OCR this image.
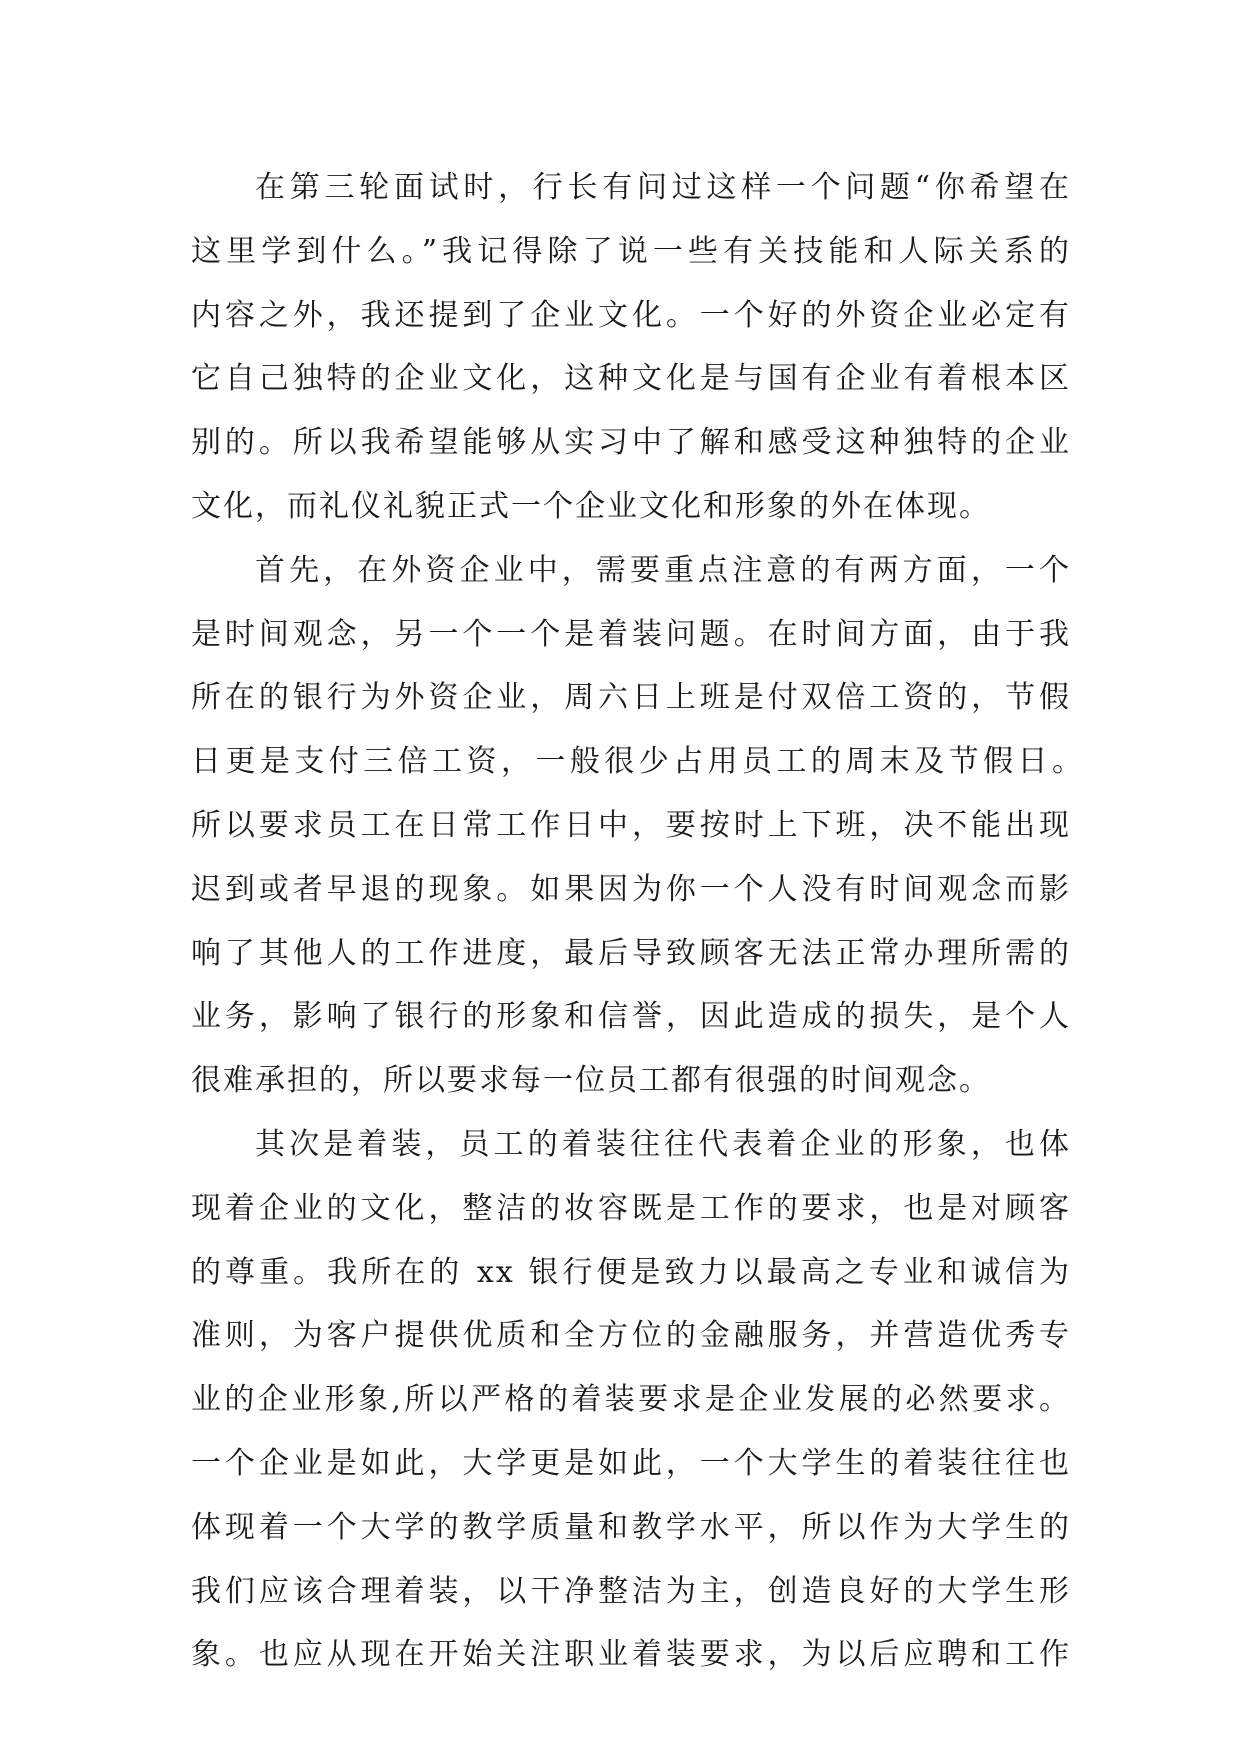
在第三轮面试时，行长有问过这样一个问题“你希望在
这里学到什么。”我记得除了说一些有关技能和人际关系的
内容之外，我还提到了企业文化。一个好的外资企业必定有
它自己独特的企业文化，这种文化是与国有企业有着根本区
别的。所以我希望能够从实习中了解和感受这种独特的企业
文化，而礼仪礼貌正式一个企业文化和形象的外在体现。
首先，在外资企业中，需要重点注意的有两方面，一个
是时间观念，另一个一个是着装问题。在时间方面，由于我
所在的银行为外资企业，周六日上班是付双倍工资的，节假
日更是支付三倍工资，一般很少占用员工的周末及节假日。
所以要求员工在日常工作日中，要按时上下班，决不能出现
迟到或者早退的现象。如果因为你一个人没有时间观念而影
响了其他人的工作进度，最后导致顾客无法正常办理所需的
业务，影响了银行的形象和信誉，因此造成的损失，是个人
很难承担的，所以要求每一位员工都有很强的时间观念。
其次是着装，员工的着装往往代表着企业的形象，也体
现着企业的文化，整洁的妆容既是工作的要求，也是对顾客
的尊重。我所在的 xx 银行便是致力以最高之专业和诚信为
准则，为客户提供优质和全方位的金融服务，并营造优秀专
业的企业形象,所以严格的着装要求是企业发展的必然要求。
一个企业是如此，大学更是如此，一个大学生的着装往往也
体现着一个大学的教学质量和教学水平，所以作为大学生的
我们应该合理着装，以干净整洁为主，创造良好的大学生形
象。也应从现在开始关注职业着装要求，为以后应聘和工作
